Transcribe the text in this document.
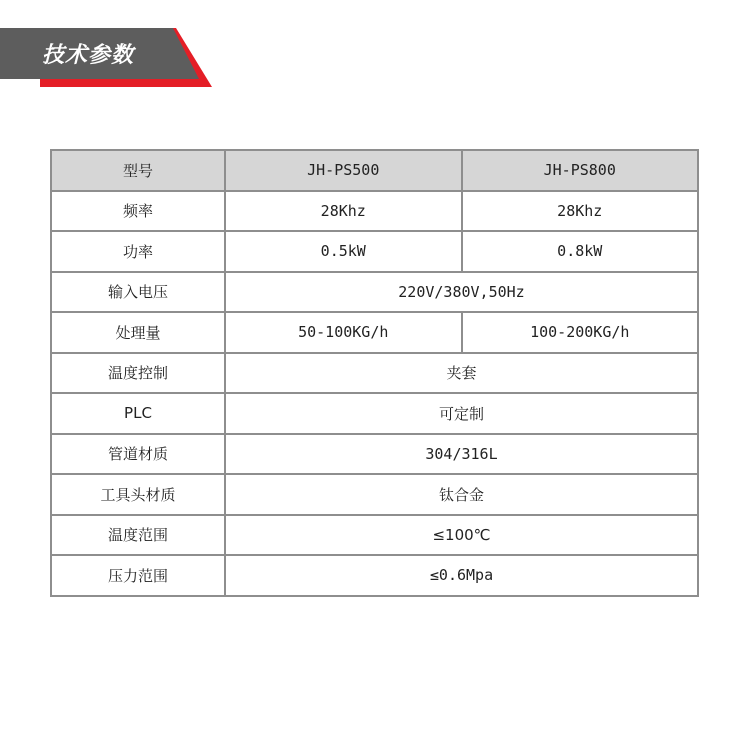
技术参数
型号	JH-PS500	JH-PS800
频率	28Khz	28Khz
功率	0.5kW	0.8kW
输入电压	220V/380V,50Hz	
处理量	50-100KG/h	100-200KG/h
温度控制	夹套	
PLC	可定制	
管道材质	304/316L	
工具头材质	钛合金	
温度范围	≤100℃	
压力范围	≤0.6Mpa	
